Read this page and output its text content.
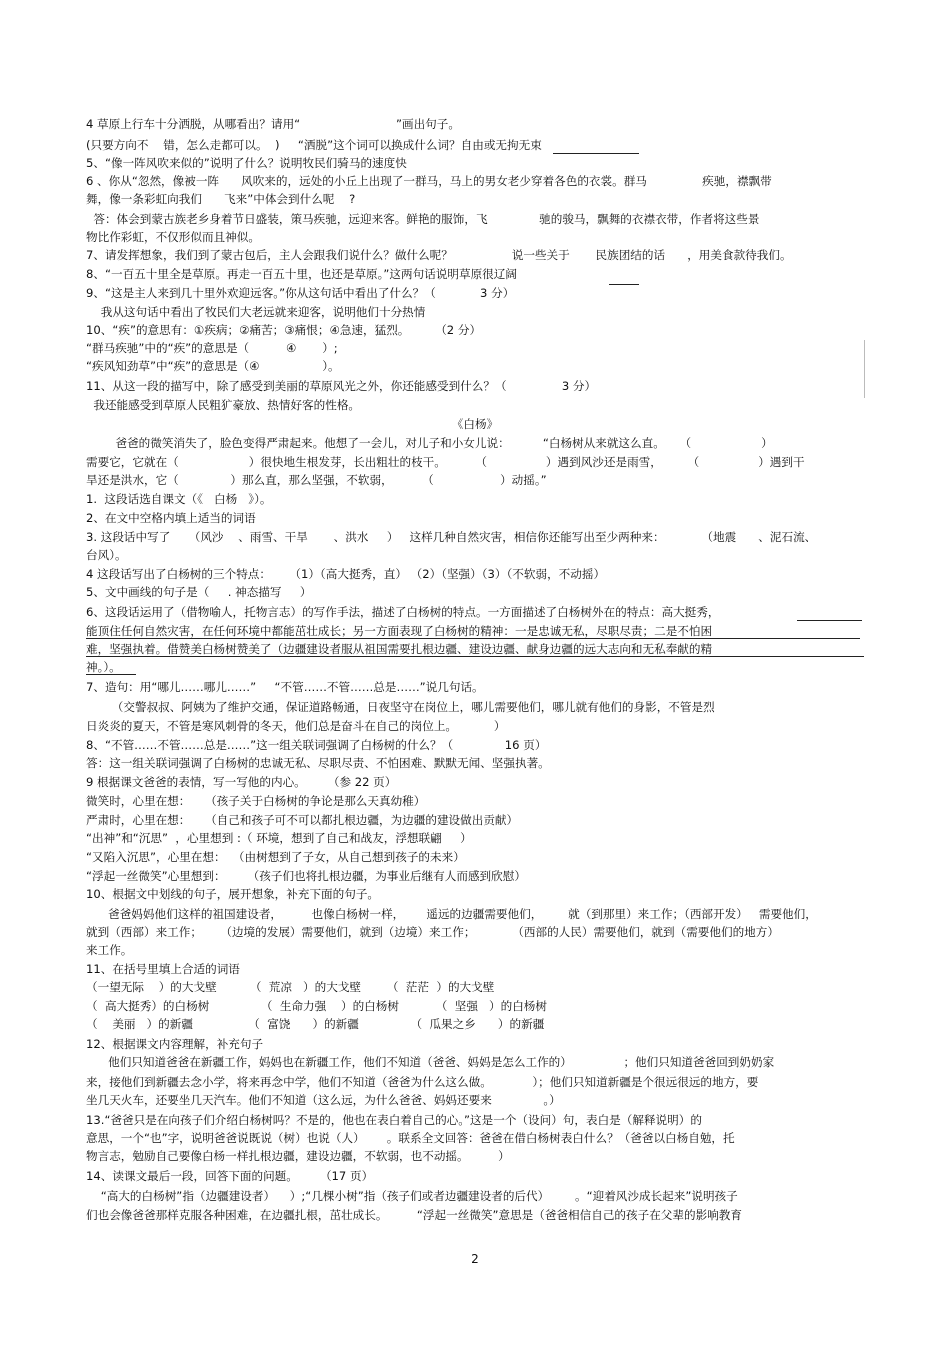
4 草原上行车十分洒脱，从哪看出？请用“                          ”画出句子。
(只要方向不    错，怎么走都可以。  )     “洒脱”这个词可以换成什么词？自由或无拘无束
5、“像一阵风吹来似的”说明了什么？说明牧民们骑马的速度快
6 、你从“忽然，像被一阵      风吹来的，远处的小丘上出现了一群马，马上的男女老少穿着各色的衣裳。群马               疾驰，襟飘带
舞，像一条彩虹向我们      飞来”中体会到什么呢    ?
答：体会到蒙古族老乡身着节日盛装，策马疾驰，远迎来客。鲜艳的服饰，飞              驰的骏马，飘舞的衣襟衣带，作者将这些景
物比作彩虹，不仅形似而且神似。
7、请发挥想象，我们到了蒙古包后，主人会跟我们说什么？做什么呢？                说一些关于       民族团结的话      ，用美食款待我们。
8、“一百五十里全是草原。再走一百五十里，也还是草原。”这两句话说明草原很辽阔
9、“这是主人来到几十里外欢迎远客。”你从这句话中看出了什么？（            3 分）
我从这句话中看出了牧民们大老远就来迎客，说明他们十分热情
10、“疾”的意思有：①疾病；②痛苦；③痛恨；④急速，猛烈。       （2 分）
“群马疾驰”中的“疾”的意思是（          ④       ）;
“疾风知劲草”中“疾”的意思是（④                 ）。
11、从这一段的描写中，除了感受到美丽的草原风光之外，你还能感受到什么？（               3 分）
我还能感受到草原人民粗犷豪放、热情好客的性格。
《白杨》
爸爸的微笑消失了，脸色变得严肃起来。他想了一会儿，对儿子和小女儿说：         “白杨树从来就这么直。    （                   ）
需要它，它就在（                   ）很快地生根发芽，长出粗壮的枝干。        （                ）遇到风沙还是雨雪，       （                ）遇到干
旱还是洪水，它（              ）那么直，那么坚强，不软弱，        （                  ）动摇。”
1.  这段话选自课文（《   白杨   》）。
2、在文中空格内填上适当的词语
3. 这段话中写了     （风沙    、雨雪、干旱       、洪水     ）   这样几种自然灾害，相信你还能写出至少两种来：          （地震      、泥石流、
台风）。
4 这段话写出了白杨树的三个特点：     （1）（高大挺秀，直） （2）（坚强）（3）（不软弱，不动摇）
5、文中画线的句子是（     . 神态描写     ）
6、这段话运用了（借物喻人，托物言志）的写作手法，描述了白杨树的特点。一方面描述了白杨树外在的特点：高大挺秀，
能顶住任何自然灾害，在任何环境中都能茁壮成长；另一方面表现了白杨树的精神：一是忠诚无私，尽职尽责；二是不怕困
难，坚强执着。借赞美白杨树赞美了（边疆建设者服从祖国需要扎根边疆、建设边疆、献身边疆的远大志向和无私奉献的精
神。）。
7、造句：用“哪儿……哪儿……”     “不管……不管……总是……”说几句话。
（交警叔叔、阿姨为了维护交通，保证道路畅通，日夜坚守在岗位上，哪儿需要他们，哪儿就有他们的身影，不管是烈
日炎炎的夏天，不管是寒风刺骨的冬天，他们总是奋斗在自己的岗位上。          ）
8、“不管……不管……总是……”这一组关联词强调了白杨树的什么？（              16 页）
答：这一组关联词强调了白杨树的忠诚无私、尽职尽责、不怕困难、默默无闻、坚强执著。
9 根据课文爸爸的表情，写一写他的内心。      （参 22 页）
微笑时，心里在想：    （孩子关于白杨树的争论是那么天真幼稚）
严肃时，心里在想：    （自己和孩子可不可以都扎根边疆，为边疆的建设做出贡献）
“出神”和“沉思”  ，心里想到 :（ 环境，想到了自己和战友，浮想联翩     ）
“又陷入沉思”，心里在想：  （由树想到了子女，从自己想到孩子的未来）
“浮起一丝微笑”心里想到：      （孩子们也将扎根边疆，为事业后继有人而感到欣慰）
10、根据文中划线的句子，展开想象，补充下面的句子。
爸爸妈妈他们这样的祖国建设者，        也像白杨树一样，      遥远的边疆需要他们，       就（到那里）来工作；（西部开发）   需要他们，
就到（西部）来工作；     （边境的发展）需要他们，就到（边境）来工作；          （西部的人民）需要他们，就到（需要他们的地方）
来工作。
11、在括号里填上合适的词语
（一望无际    ）的大戈壁         （  荒凉   ）的大戈壁       （  茫茫  ）的大戈壁
（  高大挺秀）的白杨树              （  生命力强    ）的白杨树          （  坚强   ）的白杨树
（    美丽   ）的新疆               （  富饶      ）的新疆              （  瓜果之乡      ）的新疆
12、根据课文内容理解，补充句子
他们只知道爸爸在新疆工作，妈妈也在新疆工作，他们不知道（爸爸、妈妈是怎么工作的）              ；他们只知道爸爸回到奶奶家
来，接他们到新疆去念小学，将来再念中学，他们不知道（爸爸为什么这么做。           ）；他们只知道新疆是个很远很远的地方，要
坐几天火车，还要坐几天汽车。他们不知道（这么远，为什么爸爸、妈妈还要来              。）
13.“爸爸只是在向孩子们介绍白杨树吗？不是的，他也在表白着自己的心。”这是一个（设问）句，表白是（解释说明）的
意思，一个“也”字，说明爸爸说既说（树）也说（人）      。联系全文回答：爸爸在借白杨树表白什么？（爸爸以白杨自勉，托
物言志，勉励自己要像白杨一样扎根边疆，建设边疆，不软弱，也不动摇。        ）
14、读课文最后一段，回答下面的问题。      （17 页）
“高大的白杨树”指（边疆建设者）    ）;“几棵小树”指（孩子们或者边疆建设者的后代）       。“迎着风沙成长起来”说明孩子
们也会像爸爸那样克服各种困难，在边疆扎根，茁壮成长。        “浮起一丝微笑”意思是（爸爸相信自己的孩子在父辈的影响教育
2
